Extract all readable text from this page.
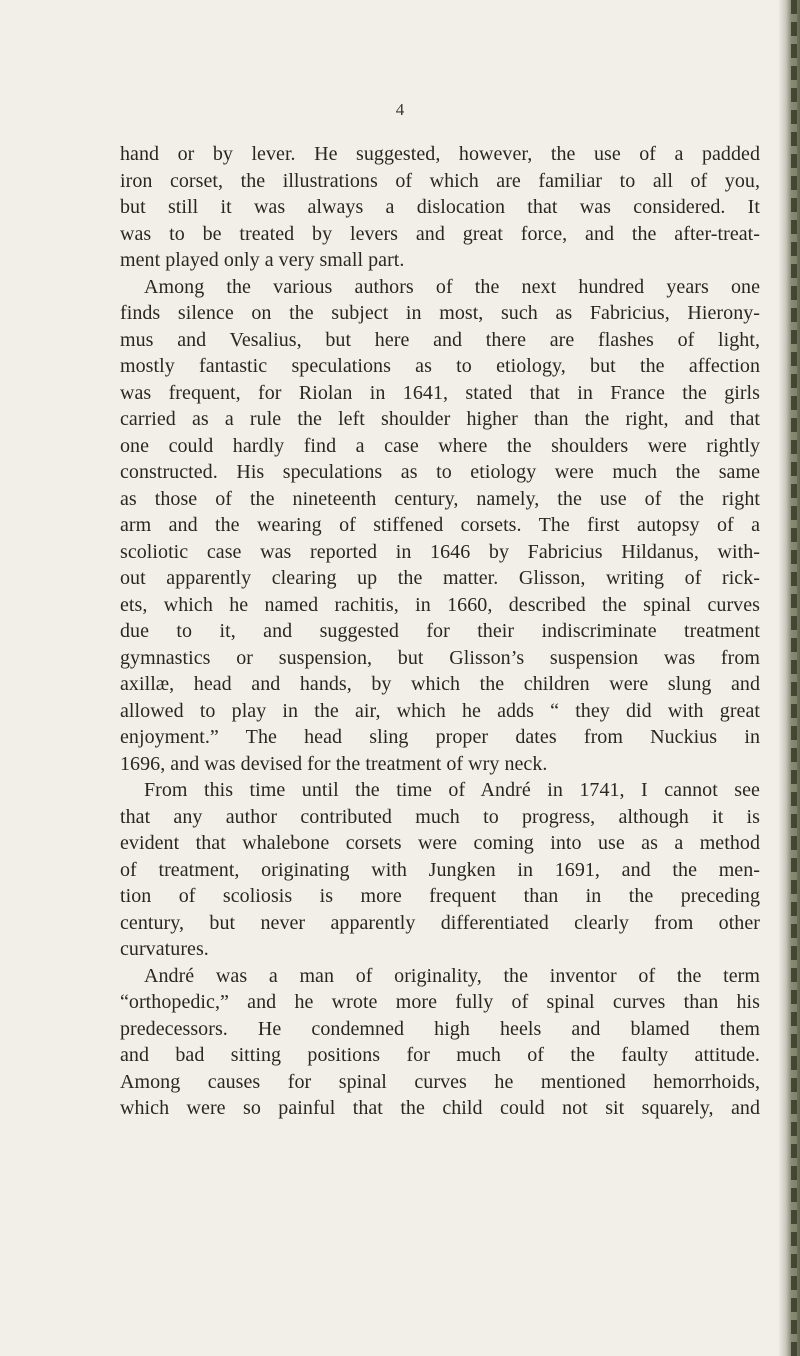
4
hand or by lever. He suggested, however, the use of a padded
iron corset, the illustrations of which are familiar to all of you,
but still it was always a dislocation that was considered. It
was to be treated by levers and great force, and the after-treat-
ment played only a very small part.
Among the various authors of the next hundred years one
finds silence on the subject in most, such as Fabricius, Hierony-
mus and Vesalius, but here and there are flashes of light,
mostly fantastic speculations as to etiology, but the affection
was frequent, for Riolan in 1641, stated that in France the girls
carried as a rule the left shoulder higher than the right, and that
one could hardly find a case where the shoulders were rightly
constructed. His speculations as to etiology were much the same
as those of the nineteenth century, namely, the use of the right
arm and the wearing of stiffened corsets. The first autopsy of a
scoliotic case was reported in 1646 by Fabricius Hildanus, with-
out apparently clearing up the matter. Glisson, writing of rick-
ets, which he named rachitis, in 1660, described the spinal curves
due to it, and suggested for their indiscriminate treatment
gymnastics or suspension, but Glisson’s suspension was from
axillæ, head and hands, by which the children were slung and
allowed to play in the air, which he adds “ they did with great
enjoyment.” The head sling proper dates from Nuckius in
1696, and was devised for the treatment of wry neck.
From this time until the time of André in 1741, I cannot see
that any author contributed much to progress, although it is
evident that whalebone corsets were coming into use as a method
of treatment, originating with Jungken in 1691, and the men-
tion of scoliosis is more frequent than in the preceding
century, but never apparently differentiated clearly from other
curvatures.
André was a man of originality, the inventor of the term
“orthopedic,” and he wrote more fully of spinal curves than his
predecessors. He condemned high heels and blamed them
and bad sitting positions for much of the faulty attitude.
Among causes for spinal curves he mentioned hemorrhoids,
which were so painful that the child could not sit squarely, and
